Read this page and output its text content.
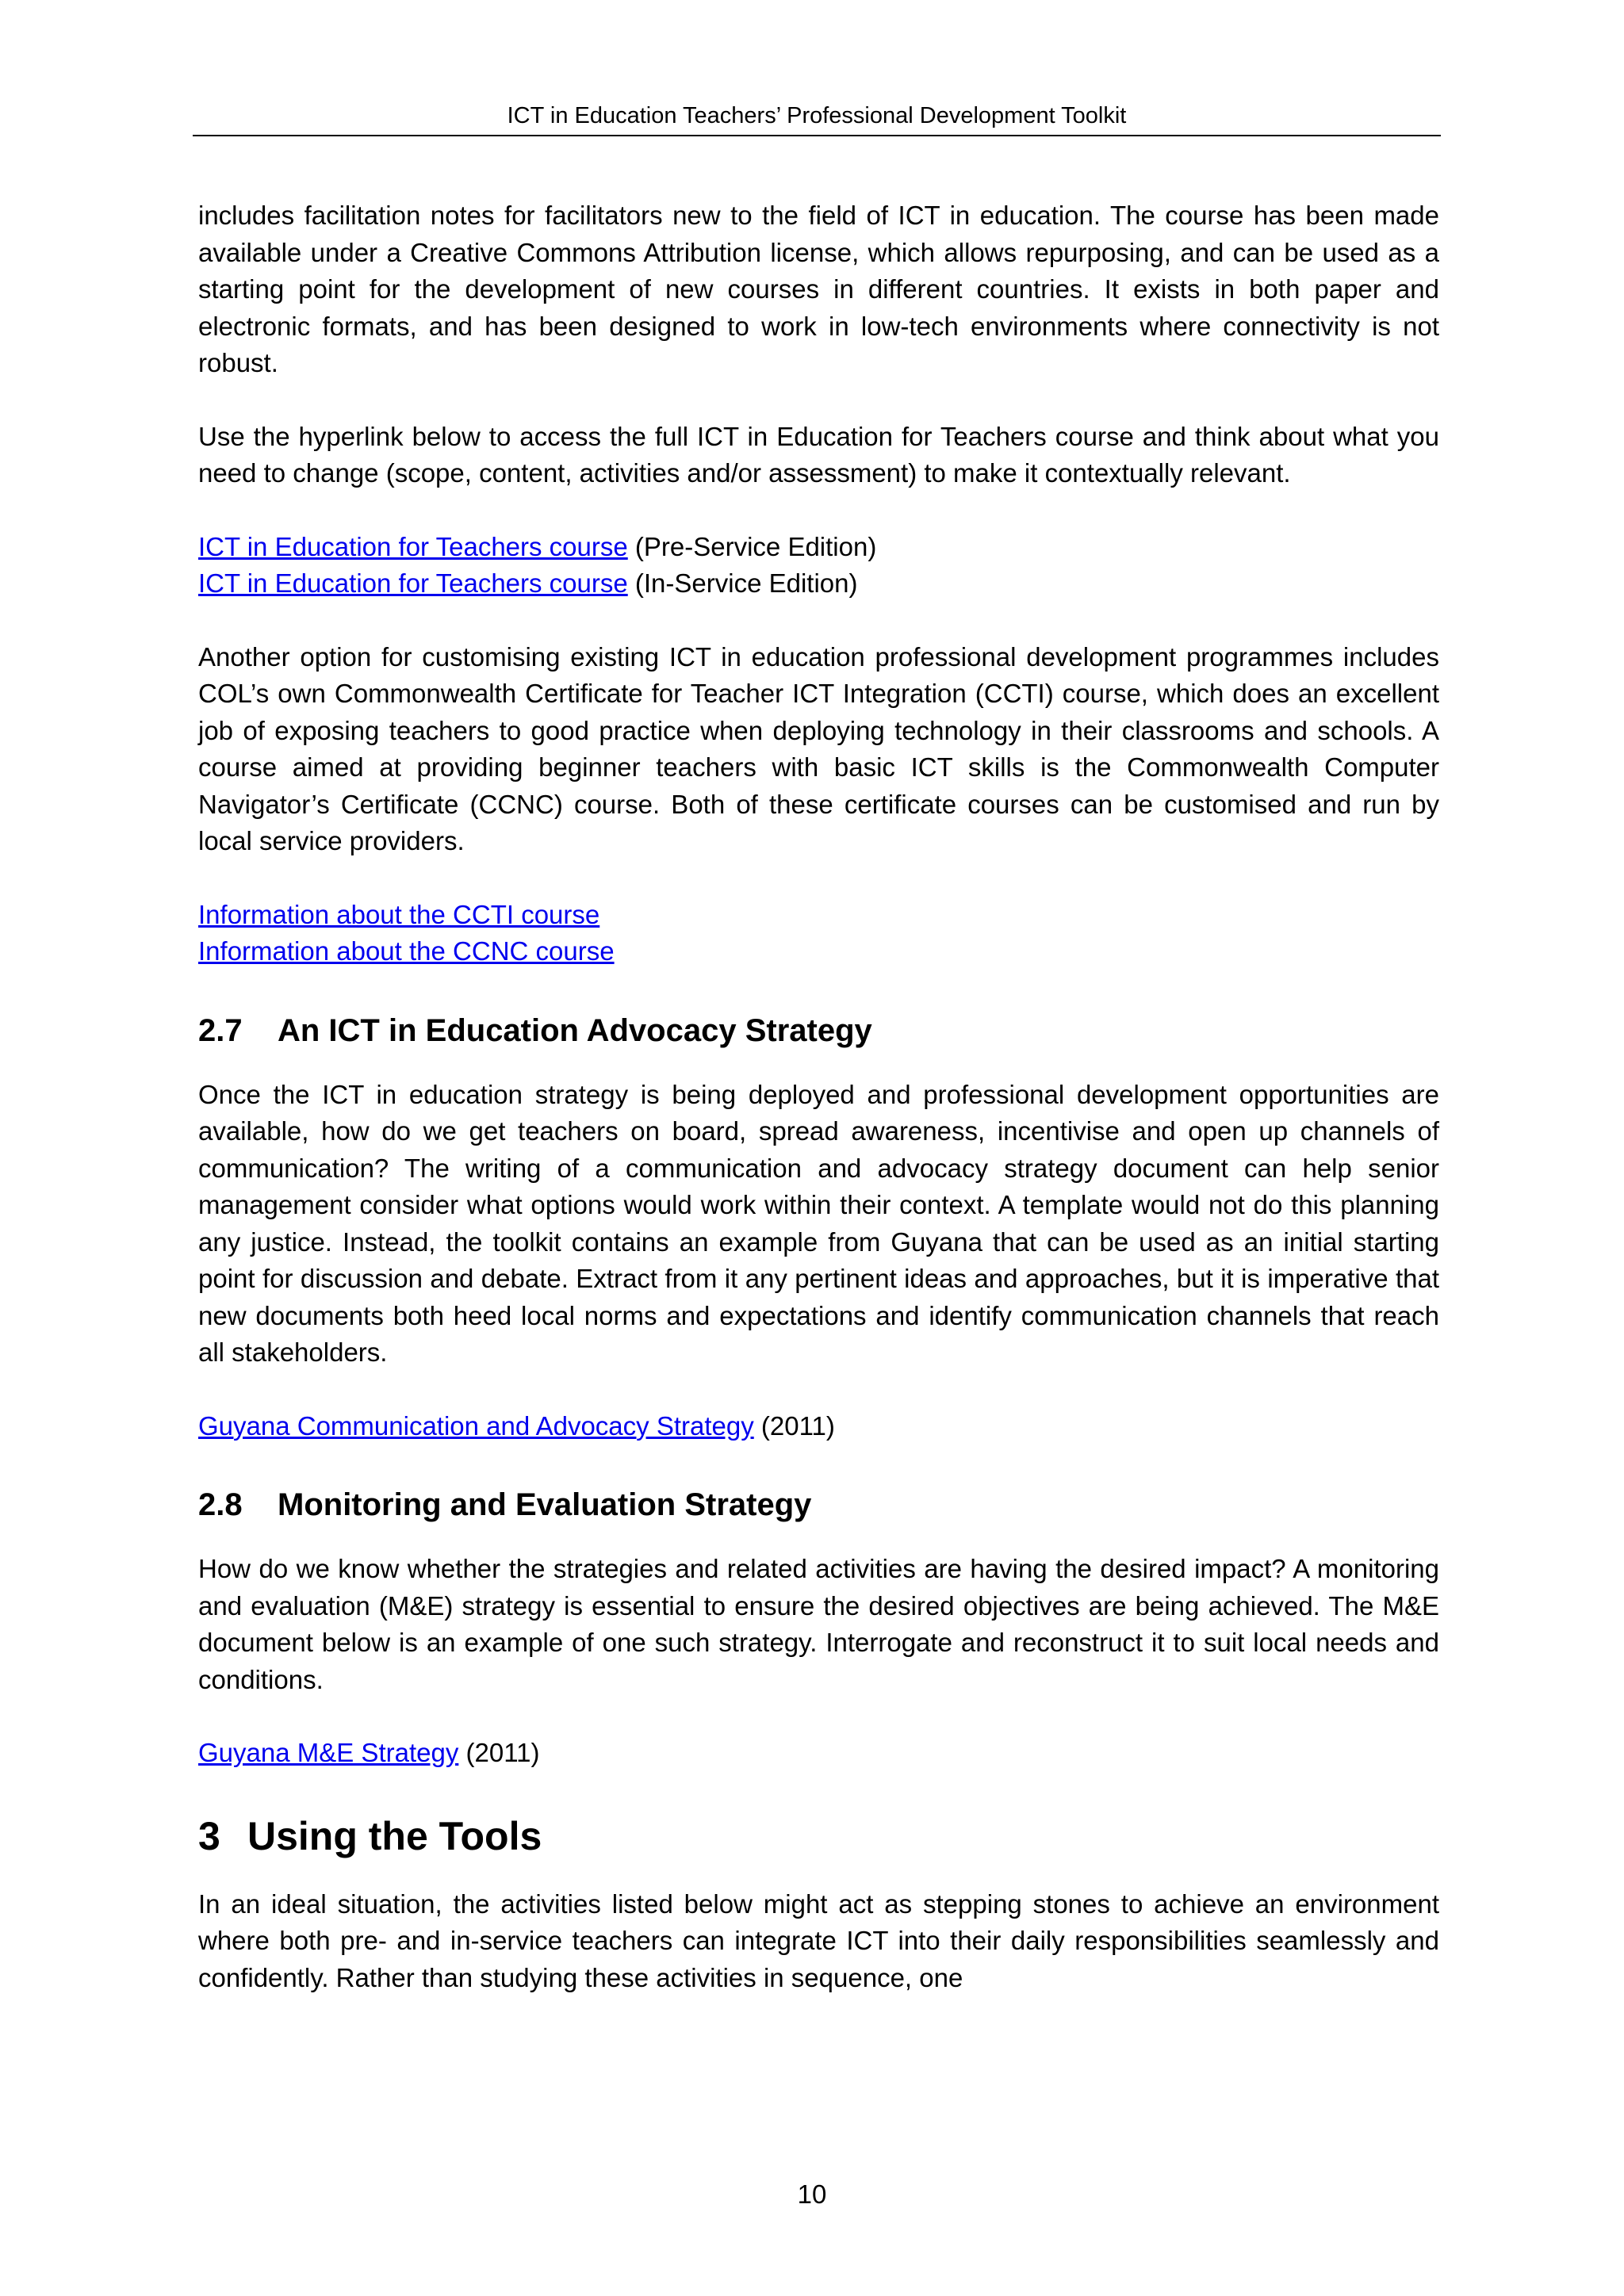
ICT in Education Teachers’ Professional Development Toolkit

includes facilitation notes for facilitators new to the field of ICT in education. The course has been made available under a Creative Commons Attribution license, which allows repurposing, and can be used as a starting point for the development of new courses in different countries. It exists in both paper and electronic formats, and has been designed to work in low-tech environments where connectivity is not robust.

Use the hyperlink below to access the full ICT in Education for Teachers course and think about what you need to change (scope, content, activities and/or assessment) to make it contextually relevant.

ICT in Education for Teachers course (Pre-Service Edition)
ICT in Education for Teachers course (In-Service Edition)

Another option for customising existing ICT in education professional development programmes includes COL’s own Commonwealth Certificate for Teacher ICT Integration (CCTI) course, which does an excellent job of exposing teachers to good practice when deploying technology in their classrooms and schools. A course aimed at providing beginner teachers with basic ICT skills is the Commonwealth Computer Navigator’s Certificate (CCNC) course. Both of these certificate courses can be customised and run by local service providers.

Information about the CCTI course
Information about the CCNC course

2.7 An ICT in Education Advocacy Strategy

Once the ICT in education strategy is being deployed and professional development opportunities are available, how do we get teachers on board, spread awareness, incentivise and open up channels of communication? The writing of a communication and advocacy strategy document can help senior management consider what options would work within their context. A template would not do this planning any justice. Instead, the toolkit contains an example from Guyana that can be used as an initial starting point for discussion and debate. Extract from it any pertinent ideas and approaches, but it is imperative that new documents both heed local norms and expectations and identify communication channels that reach all stakeholders.

Guyana Communication and Advocacy Strategy (2011)

2.8 Monitoring and Evaluation Strategy

How do we know whether the strategies and related activities are having the desired impact? A monitoring and evaluation (M&E) strategy is essential to ensure the desired objectives are being achieved. The M&E document below is an example of one such strategy. Interrogate and reconstruct it to suit local needs and conditions.

Guyana M&E Strategy (2011)

3 Using the Tools

In an ideal situation, the activities listed below might act as stepping stones to achieve an environment where both pre- and in-service teachers can integrate ICT into their daily responsibilities seamlessly and confidently. Rather than studying these activities in sequence, one

10
